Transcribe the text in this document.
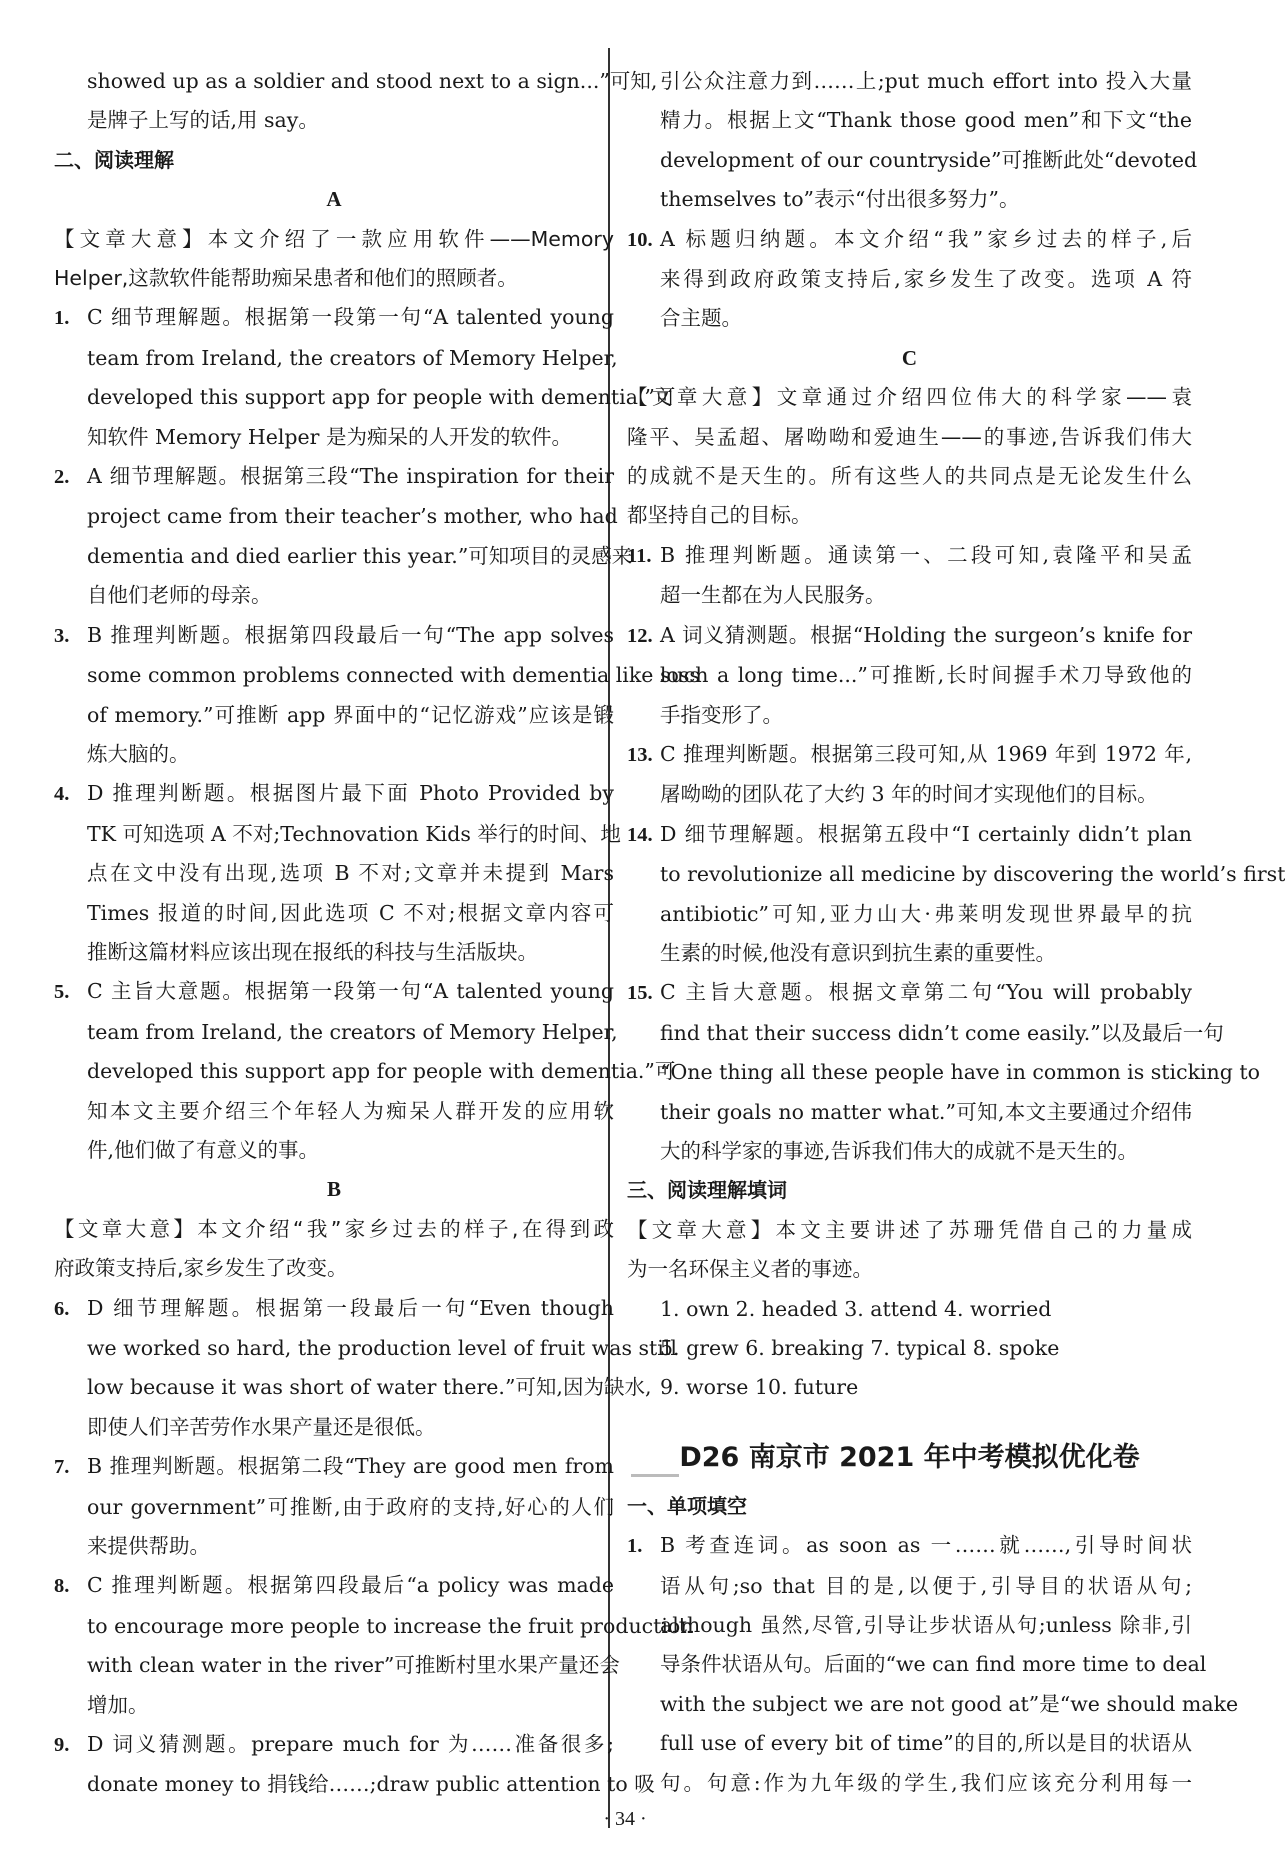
showed up as a soldier and stood next to a sign...”可知,
是牌子上写的话,用 say。
二、阅读理解
A
【文章大意】本文介绍了一款应用软件——Memory
Helper,这款软件能帮助痴呆患者和他们的照顾者。
1. C 细节理解题。根据第一段第一句“A talented young
team from Ireland, the creators of Memory Helper,
developed this support app for people with dementia.”可
知软件 Memory Helper 是为痴呆的人开发的软件。
2. A 细节理解题。根据第三段“The inspiration for their
project came from their teacher’s mother, who had
dementia and died earlier this year.”可知项目的灵感来
自他们老师的母亲。
3. B 推理判断题。根据第四段最后一句“The app solves
some common problems connected with dementia like loss
of memory.”可推断 app 界面中的“记忆游戏”应该是锻
炼大脑的。
4. D 推理判断题。根据图片最下面 Photo Provided by
TK 可知选项 A 不对;Technovation Kids 举行的时间、地
点在文中没有出现,选项 B 不对;文章并未提到 Mars
Times 报道的时间,因此选项 C 不对;根据文章内容可
推断这篇材料应该出现在报纸的科技与生活版块。
5. C 主旨大意题。根据第一段第一句“A talented young
team from Ireland, the creators of Memory Helper,
developed this support app for people with dementia.”可
知本文主要介绍三个年轻人为痴呆人群开发的应用软
件,他们做了有意义的事。
B
【文章大意】本文介绍“我”家乡过去的样子,在得到政
府政策支持后,家乡发生了改变。
6. D 细节理解题。根据第一段最后一句“Even though
we worked so hard, the production level of fruit was still
low because it was short of water there.”可知,因为缺水,
即使人们辛苦劳作水果产量还是很低。
7. B 推理判断题。根据第二段“They are good men from
our government”可推断,由于政府的支持,好心的人们
来提供帮助。
8. C 推理判断题。根据第四段最后“a policy was made
to encourage more people to increase the fruit production
with clean water in the river”可推断村里水果产量还会
增加。
9. D 词义猜测题。prepare much for 为……准备很多;
donate money to 捐钱给……;draw public attention to 吸
引公众注意力到……上;put much effort into 投入大量
精力。根据上文“Thank those good men”和下文“the
development of our countryside”可推断此处“devoted
themselves to”表示“付出很多努力”。
10. A 标题归纳题。本文介绍“我”家乡过去的样子,后
来得到政府政策支持后,家乡发生了改变。选项 A 符
合主题。
C
【文章大意】文章通过介绍四位伟大的科学家——袁
隆平、吴孟超、屠呦呦和爱迪生——的事迹,告诉我们伟大
的成就不是天生的。所有这些人的共同点是无论发生什么
都坚持自己的目标。
11. B 推理判断题。通读第一、二段可知,袁隆平和吴孟
超一生都在为人民服务。
12. A 词义猜测题。根据“Holding the surgeon’s knife for
such a long time...”可推断,长时间握手术刀导致他的
手指变形了。
13. C 推理判断题。根据第三段可知,从 1969 年到 1972 年,
屠呦呦的团队花了大约 3 年的时间才实现他们的目标。
14. D 细节理解题。根据第五段中“I certainly didn’t plan
to revolutionize all medicine by discovering the world’s first
antibiotic”可知,亚力山大·弗莱明发现世界最早的抗
生素的时候,他没有意识到抗生素的重要性。
15. C 主旨大意题。根据文章第二句“You will probably
find that their success didn’t come easily.”以及最后一句
“One thing all these people have in common is sticking to
their goals no matter what.”可知,本文主要通过介绍伟
大的科学家的事迹,告诉我们伟大的成就不是天生的。
三、阅读理解填词
【文章大意】本文主要讲述了苏珊凭借自己的力量成
为一名环保主义者的事迹。
1. own 2. headed 3. attend 4. worried
5. grew 6. breaking 7. typical 8. spoke
9. worse 10. future
D26 南京市 2021 年中考模拟优化卷
一、单项填空
1. B 考查连词。as soon as 一……就……,引导时间状
语从句;so that 目的是,以便于,引导目的状语从句;
although 虽然,尽管,引导让步状语从句;unless 除非,引
导条件状语从句。后面的“we can find more time to deal
with the subject we are not good at”是“we should make
full use of every bit of time”的目的,所以是目的状语从
句。句意:作为九年级的学生,我们应该充分利用每一
· 34 ·
